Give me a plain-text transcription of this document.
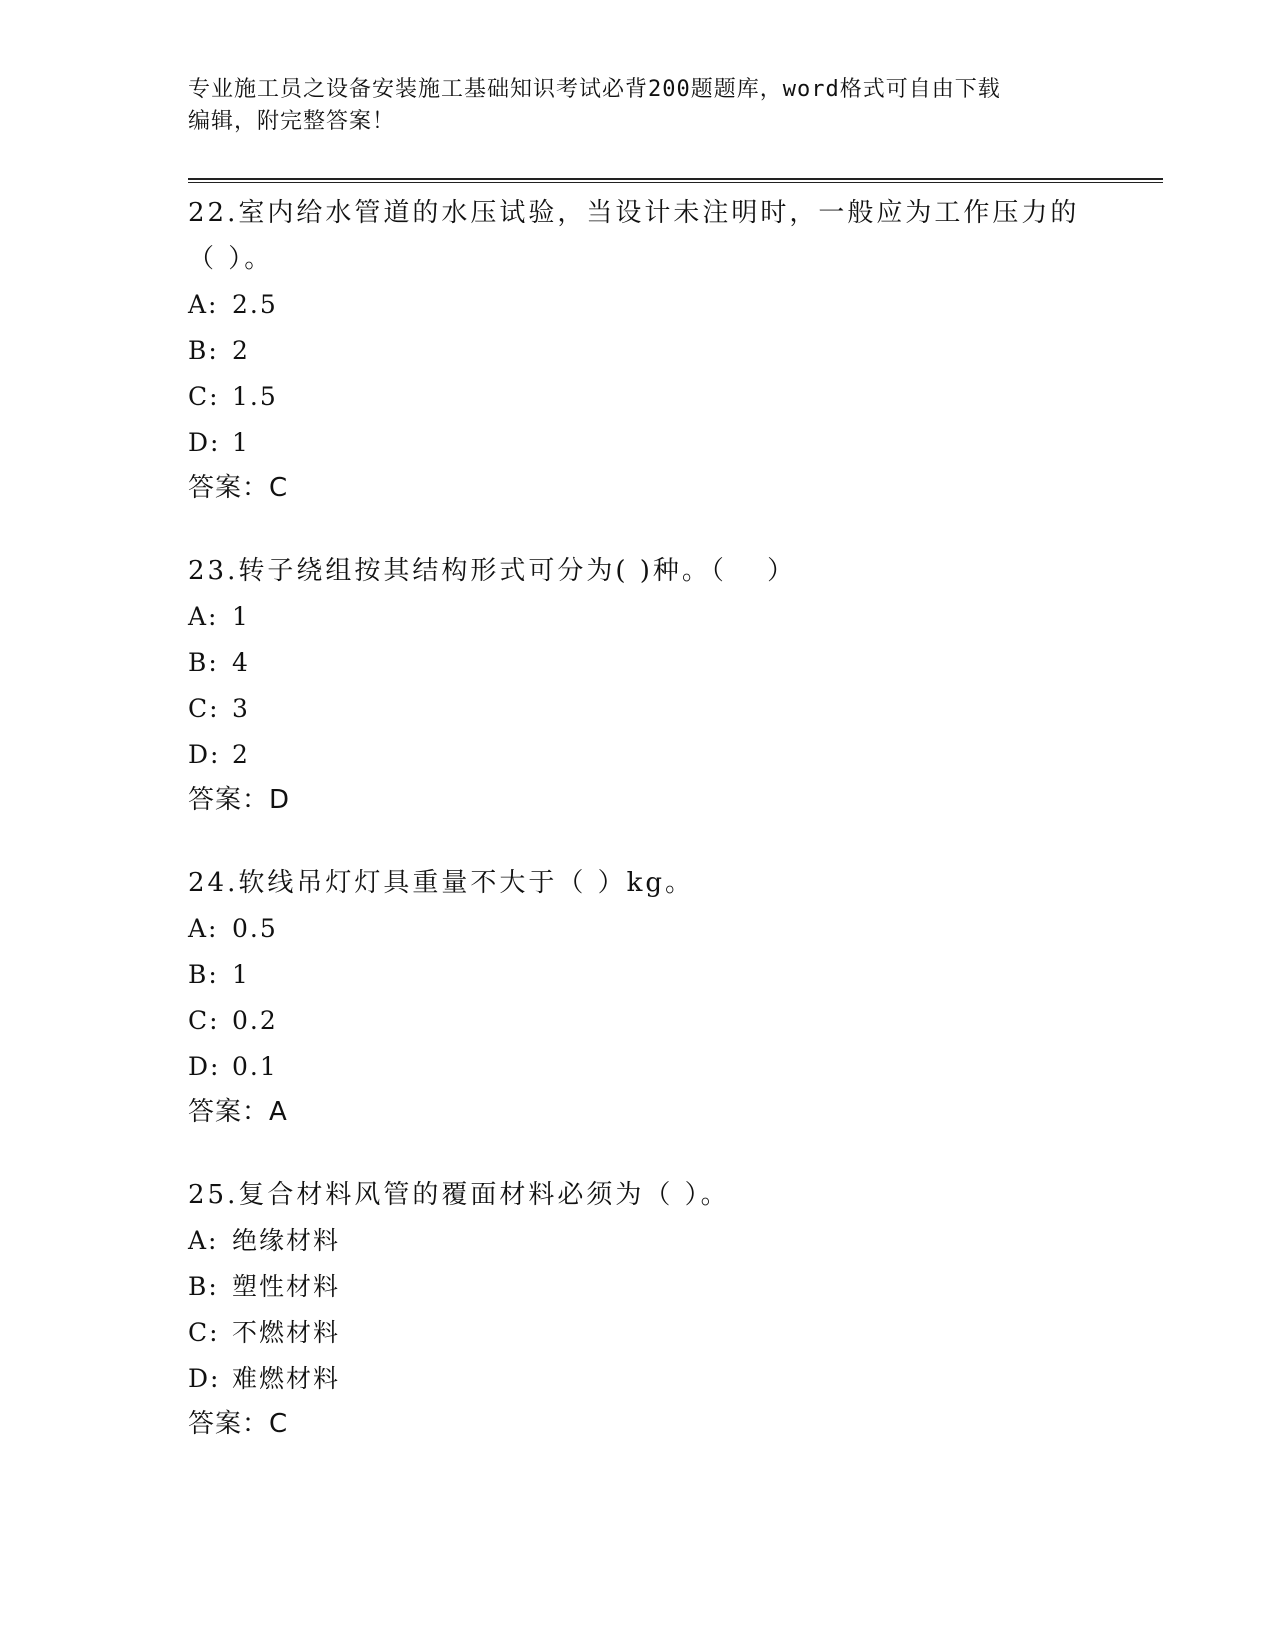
专业施工员之设备安装施工基础知识考试必背200题题库，word格式可自由下载
编辑，附完整答案！

22.室内给水管道的水压试验，当设计未注明时，一般应为工作压力的（ ）。

A: 2.5

B: 2

C: 1.5

D: 1

答案：C

23.转子绕组按其结构形式可分为( )种。（　 ）

A: 1

B: 4

C: 3

D: 2

答案：D

24.软线吊灯灯具重量不大于（ ）kg。

A: 0.5

B: 1

C: 0.2

D: 0.1

答案：A

25.复合材料风管的覆面材料必须为（ ）。

A: 绝缘材料

B: 塑性材料

C: 不燃材料

D: 难燃材料

答案：C
